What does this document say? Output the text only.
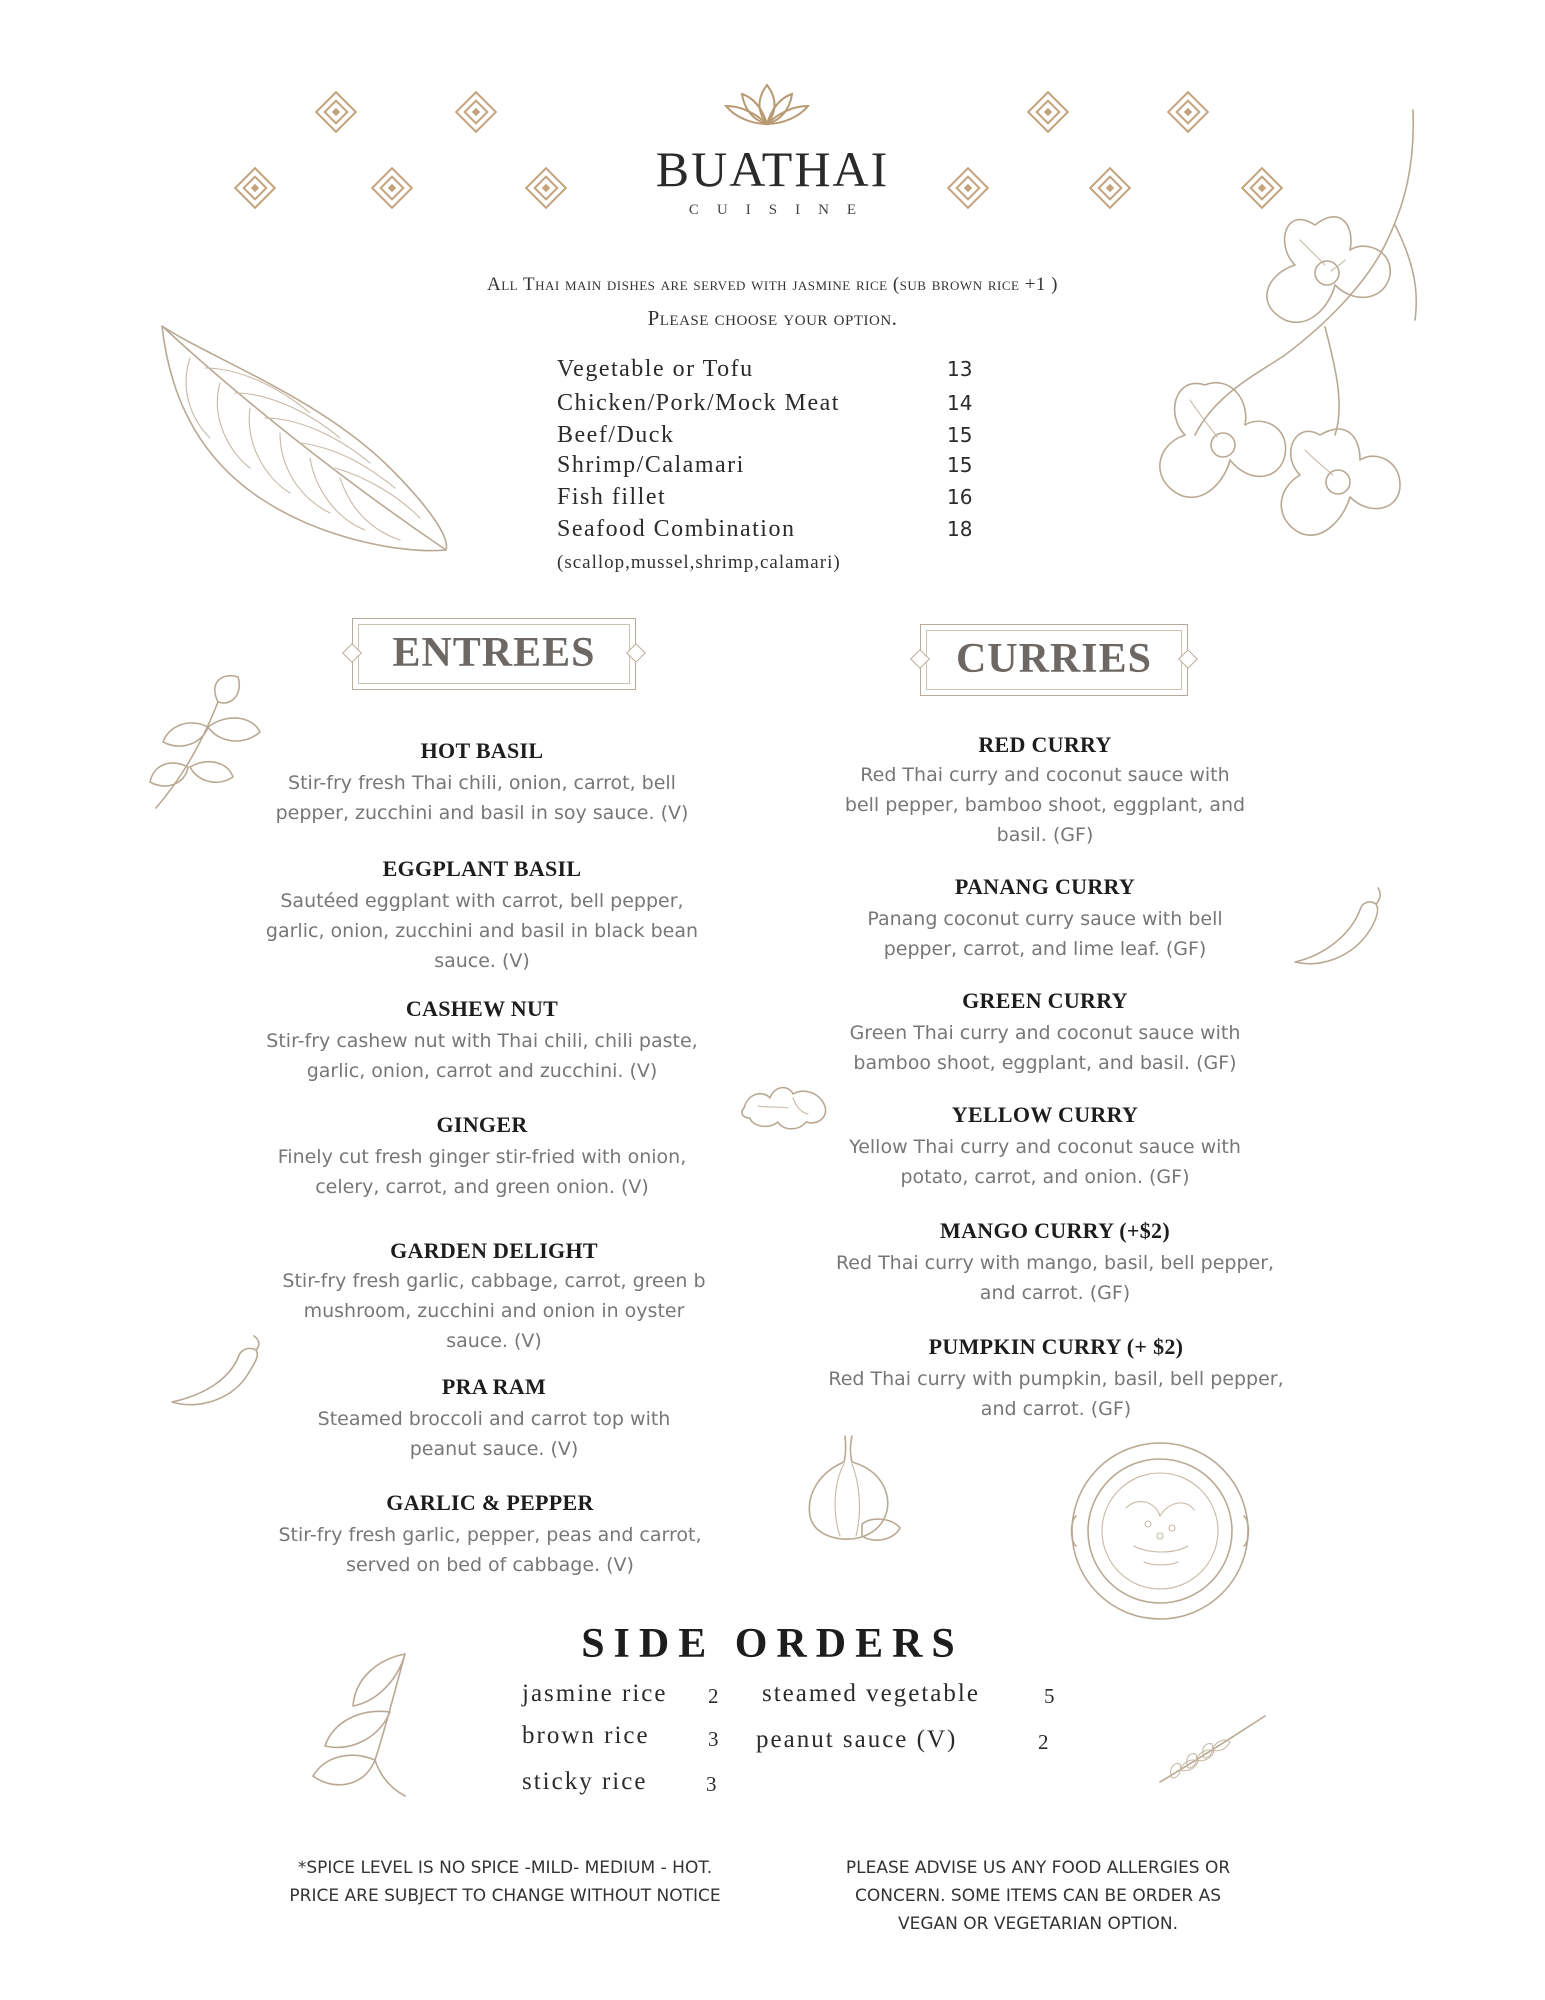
BUATHAI
CUISINE
All Thai main dishes are served with jasmine rice (sub brown rice +1 )
Please choose your option.
Vegetable or Tofu	13
Chicken/Pork/Mock Meat	14
Beef/Duck	15
Shrimp/Calamari	15
Fish fillet	16
Seafood Combination	18
(scallop,mussel,shrimp,calamari)
ENTREES	CURRIES
HOT BASIL
Stir-fry fresh Thai chili, onion, carrot, bell
pepper, zucchini and basil in soy sauce. (V)
EGGPLANT BASIL
Sautéed eggplant with carrot, bell pepper,
garlic, onion, zucchini and basil in black bean
sauce. (V)
CASHEW NUT
Stir-fry cashew nut with Thai chili, chili paste,
garlic, onion, carrot and zucchini. (V)
GINGER
Finely cut fresh ginger stir-fried with onion,
celery, carrot, and green onion. (V)
GARDEN DELIGHT
Stir-fry fresh garlic, cabbage, carrot, green b
mushroom, zucchini and onion in oyster
sauce. (V)
PRA RAM
Steamed broccoli and carrot top with
peanut sauce. (V)
GARLIC & PEPPER
Stir-fry fresh garlic, pepper, peas and carrot,
served on bed of cabbage. (V)
RED CURRY
Red Thai curry and coconut sauce with
bell pepper, bamboo shoot, eggplant, and
basil. (GF)
PANANG CURRY
Panang coconut curry sauce with bell
pepper, carrot, and lime leaf. (GF)
GREEN CURRY
Green Thai curry and coconut sauce with
bamboo shoot, eggplant, and basil. (GF)
YELLOW CURRY
Yellow Thai curry and coconut sauce with
potato, carrot, and onion. (GF)
MANGO CURRY (+$2)
Red Thai curry with mango, basil, bell pepper,
and carrot. (GF)
PUMPKIN CURRY (+ $2)
Red Thai curry with pumpkin, basil, bell pepper,
and carrot. (GF)
SIDE ORDERS
jasmine rice 2
brown rice	3
sticky rice	3
steamed vegetable	5
peanut sauce (V)	2
*SPICE LEVEL IS NO SPICE -MILD- MEDIUM - HOT.
PRICE ARE SUBJECT TO CHANGE WITHOUT NOTICE
PLEASE ADVISE US ANY FOOD ALLERGIES OR
CONCERN. SOME ITEMS CAN BE ORDER AS
VEGAN OR VEGETARIAN OPTION.
